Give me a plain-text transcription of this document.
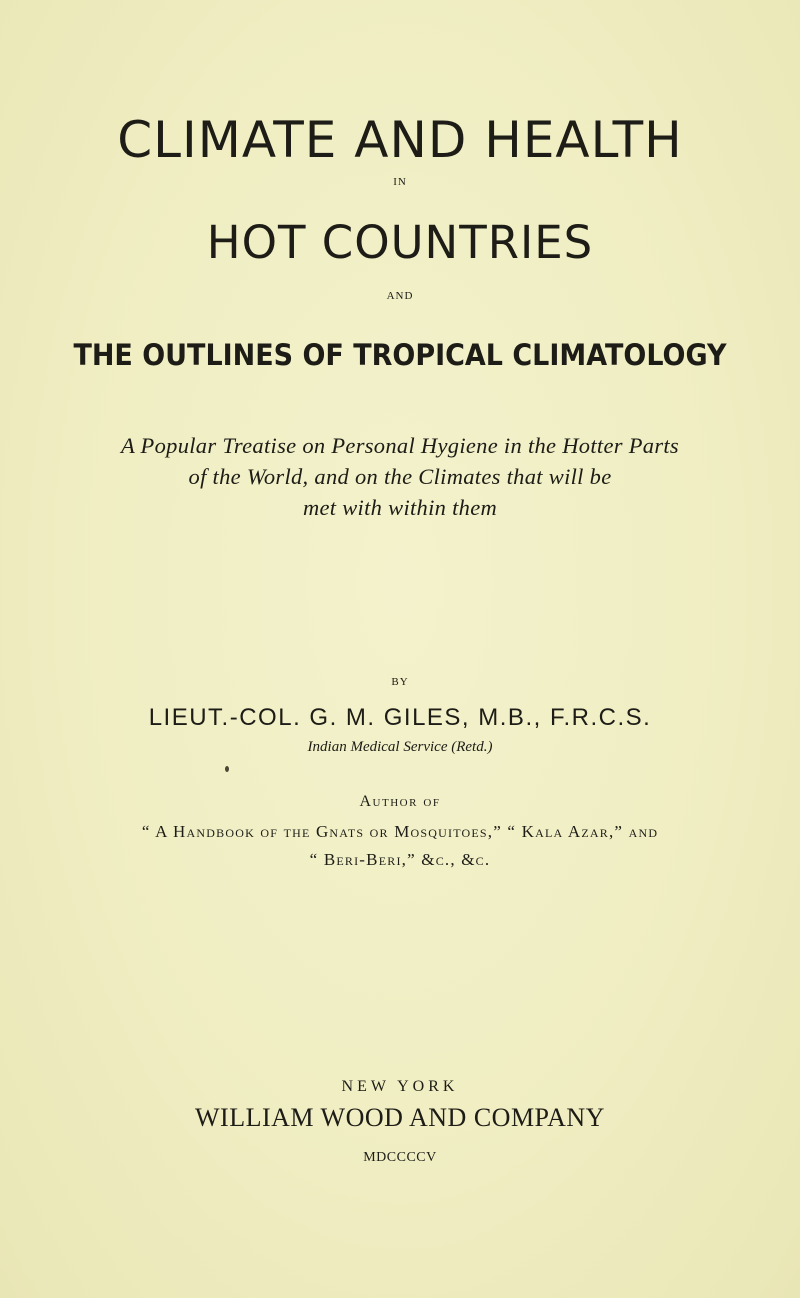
CLIMATE AND HEALTH
IN
HOT COUNTRIES
AND
THE OUTLINES OF TROPICAL CLIMATOLOGY
A Popular Treatise on Personal Hygiene in the Hotter Parts
of the World, and on the Climates that will be
met with within them
BY
LIEUT.-COL. G. M. GILES, M.B., F.R.C.S.
Indian Medical Service (Retd.)
Author of
“ A Handbook of the Gnats or Mosquitoes,” “ Kala Azar,” and
“ Beri-Beri,” &c., &c.
NEW YORK
WILLIAM WOOD AND COMPANY
MDCCCCV
